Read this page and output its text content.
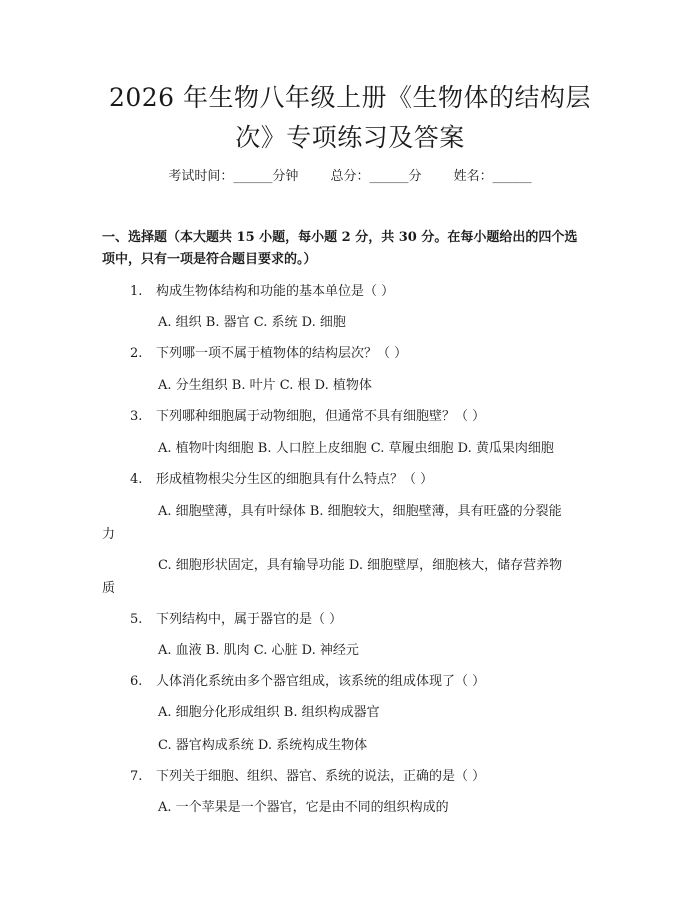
2026 年生物八年级上册《生物体的结构层
次》专项练习及答案
考试时间：______分钟 总分：______分 姓名：______
一、选择题（本大题共 15 小题，每小题 2 分，共 30 分。在每小题给出的四个选
项中，只有一项是符合题目要求的。）
1. 构成生物体结构和功能的基本单位是（ ）
A. 组织 B. 器官 C. 系统 D. 细胞
2. 下列哪一项不属于植物体的结构层次？（ ）
A. 分生组织 B. 叶片 C. 根 D. 植物体
3. 下列哪种细胞属于动物细胞，但通常不具有细胞壁？（ ）
A. 植物叶肉细胞 B. 人口腔上皮细胞 C. 草履虫细胞 D. 黄瓜果肉细胞
4. 形成植物根尖分生区的细胞具有什么特点？（ ）
A. 细胞壁薄，具有叶绿体 B. 细胞较大，细胞壁薄，具有旺盛的分裂能
力
C. 细胞形状固定，具有输导功能 D. 细胞壁厚，细胞核大，储存营养物
质
5. 下列结构中，属于器官的是（ ）
A. 血液 B. 肌肉 C. 心脏 D. 神经元
6. 人体消化系统由多个器官组成，该系统的组成体现了（ ）
A. 细胞分化形成组织 B. 组织构成器官
C. 器官构成系统 D. 系统构成生物体
7. 下列关于细胞、组织、器官、系统的说法，正确的是（ ）
A. 一个苹果是一个器官，它是由不同的组织构成的
